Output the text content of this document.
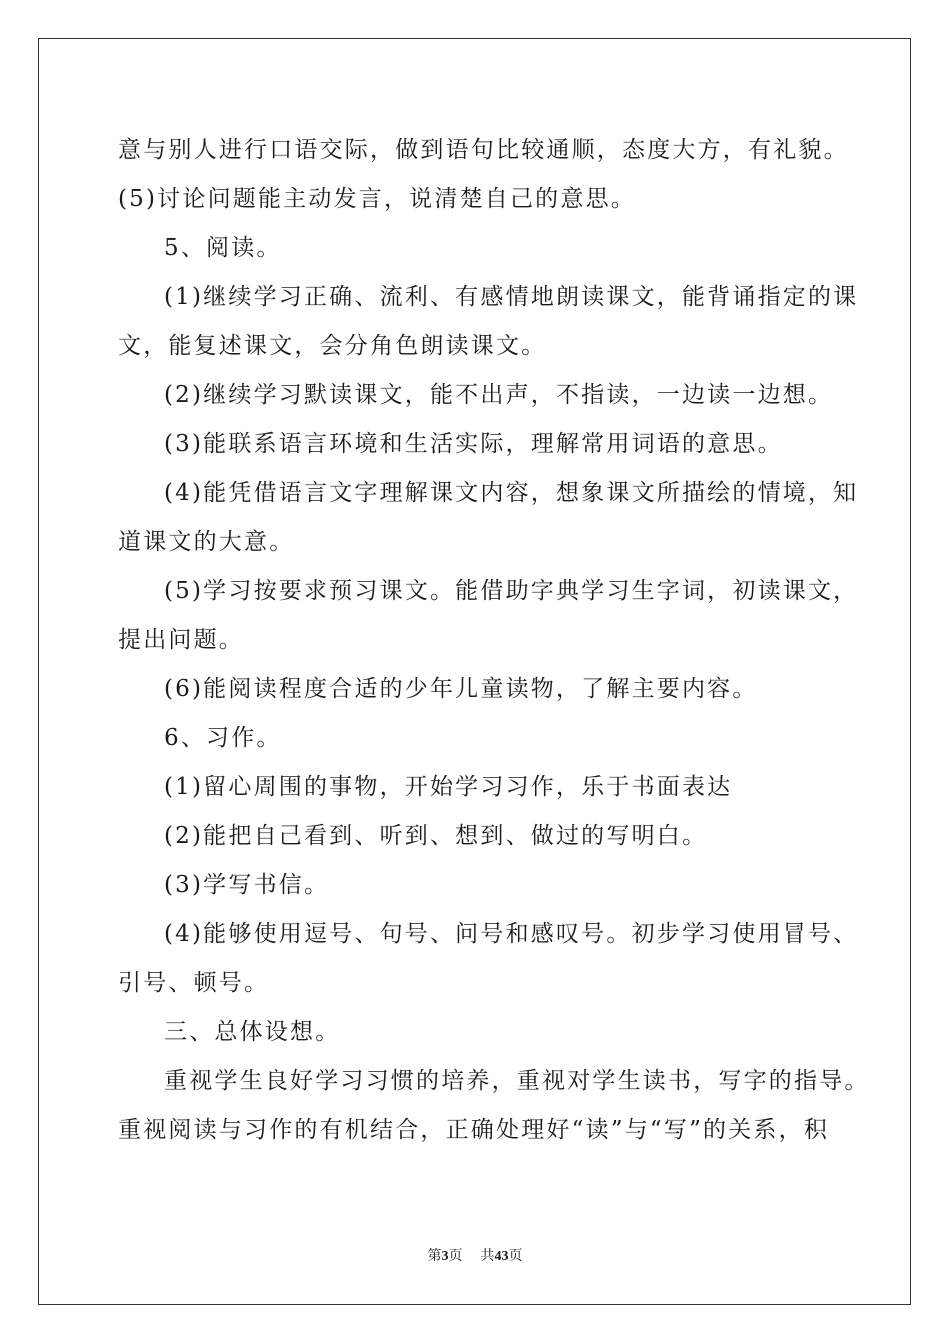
意与别人进行口语交际，做到语句比较通顺，态度大方，有礼貌。

(5)讨论问题能主动发言，说清楚自己的意思。

5、阅读。

(1)继续学习正确、流利、有感情地朗读课文，能背诵指定的课

文，能复述课文，会分角色朗读课文。

(2)继续学习默读课文，能不出声，不指读，一边读一边想。

(3)能联系语言环境和生活实际，理解常用词语的意思。

(4)能凭借语言文字理解课文内容，想象课文所描绘的情境，知

道课文的大意。

(5)学习按要求预习课文。能借助字典学习生字词，初读课文，

提出问题。

(6)能阅读程度合适的少年儿童读物，了解主要内容。

6、习作。

(1)留心周围的事物，开始学习习作，乐于书面表达

(2)能把自己看到、听到、想到、做过的写明白。

(3)学写书信。

(4)能够使用逗号、句号、问号和感叹号。初步学习使用冒号、

引号、顿号。

三、总体设想。

重视学生良好学习习惯的培养，重视对学生读书，写字的指导。

重视阅读与习作的有机结合，正确处理好“读”与“写”的关系，积

第3页 共43页
